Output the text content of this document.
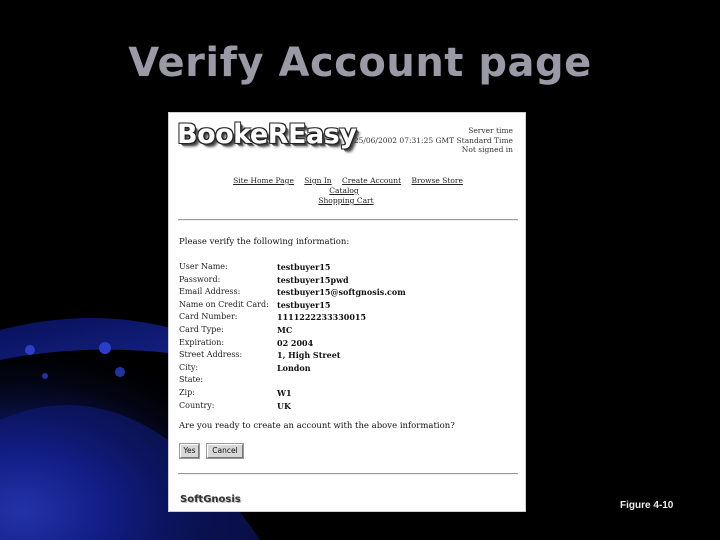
Verify Account page
BookeREasy	Server time
25/06/2002 07:31:25 GMT Standard Time
Not signed in
Site Home Page Sign In Create Account Browse Store Catalog
Shopping Cart
Please verify the following information:
User Name:	testbuyer15
Password:	testbuyer15pwd
Email Address:	testbuyer15@softgnosis.com
Name on Credit Card:	testbuyer15
Card Number:	1111222233330015
Card Type:	MC
Expiration:	02 2004
Street Address:	1, High Street
City:	London
State:
Zip:	W1
Country:	UK
Are you ready to create an account with the above information?
Yes	Cancel
SoftGnosis
Figure 4-10
